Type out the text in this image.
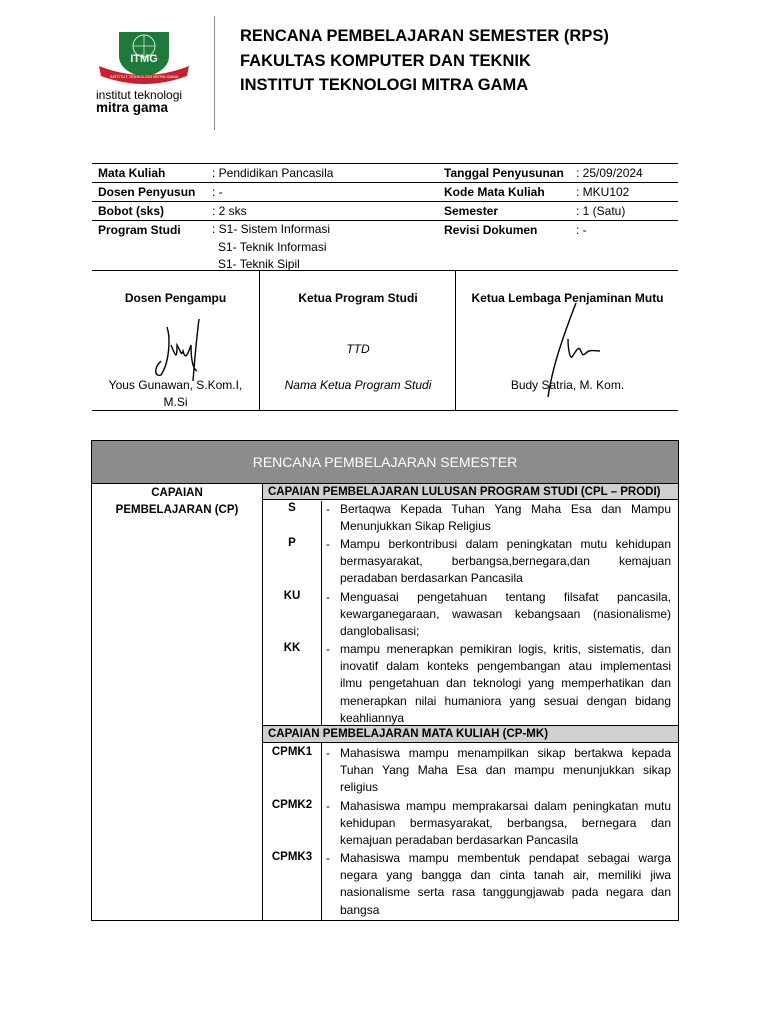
ITMG
INSTITUT TEKNOLOGI MITRA GAMA
institut teknologi
mitra gama
RENCANA PEMBELAJARAN SEMESTER (RPS)
FAKULTAS KOMPUTER DAN TEKNIK
INSTITUT TEKNOLOGI MITRA GAMA
Mata Kuliah	: Pendidikan Pancasila	Tanggal Penyusunan : 25/09/2024
Dosen Penyusun : -	Kode Mata Kuliah	: MKU102
Bobot (sks)	: 2 sks	Semester	: 1 (Satu)
Program Studi	: S1- Sistem Informasi
S1- Teknik Informasi
S1- Teknik Sipil
Revisi Dokumen	: -
Dosen Pengampu
Yous Gunawan, S.Kom.I,
M.Si
Ketua Program Studi
TTD
Nama Ketua Program Studi
Ketua Lembaga Penjaminan Mutu
Budy Satria, M. Kom.
RENCANA PEMBELAJARAN SEMESTER
CAPAIAN
PEMBELAJARAN (CP)
CAPAIAN PEMBELAJARAN LULUSAN PROGRAM STUDI (CPL – PRODI)
S	- Bertaqwa Kepada Tuhan Yang Maha Esa dan Mampu Menunjukkan Sikap Religius
P	- Mampu berkontribusi dalam peningkatan mutu kehidupan bermasyarakat, berbangsa,bernegara,dan kemajuan peradaban berdasarkan Pancasila
KU	- Menguasai pengetahuan tentang filsafat pancasila, kewarganegaraan, wawasan kebangsaan (nasionalisme) danglobalisasi;
KK	- mampu menerapkan pemikiran logis, kritis, sistematis, dan inovatif dalam konteks pengembangan atau implementasi ilmu pengetahuan dan teknologi yang memperhatikan dan menerapkan nilai humaniora yang sesuai dengan bidang keahliannya
CAPAIAN PEMBELAJARAN MATA KULIAH (CP-MK)
CPMK1	- Mahasiswa mampu menampilkan sikap bertakwa kepada Tuhan Yang Maha Esa dan mampu menunjukkan sikap religius
CPMK2	- Mahasiswa mampu memprakarsai dalam peningkatan mutu kehidupan bermasyarakat, berbangsa, bernegara dan kemajuan peradaban berdasarkan Pancasila
CPMK3	- Mahasiswa mampu membentuk pendapat sebagai warga negara yang bangga dan cinta tanah air, memiliki jiwa nasionalisme serta rasa tanggungjawab pada negara dan bangsa
